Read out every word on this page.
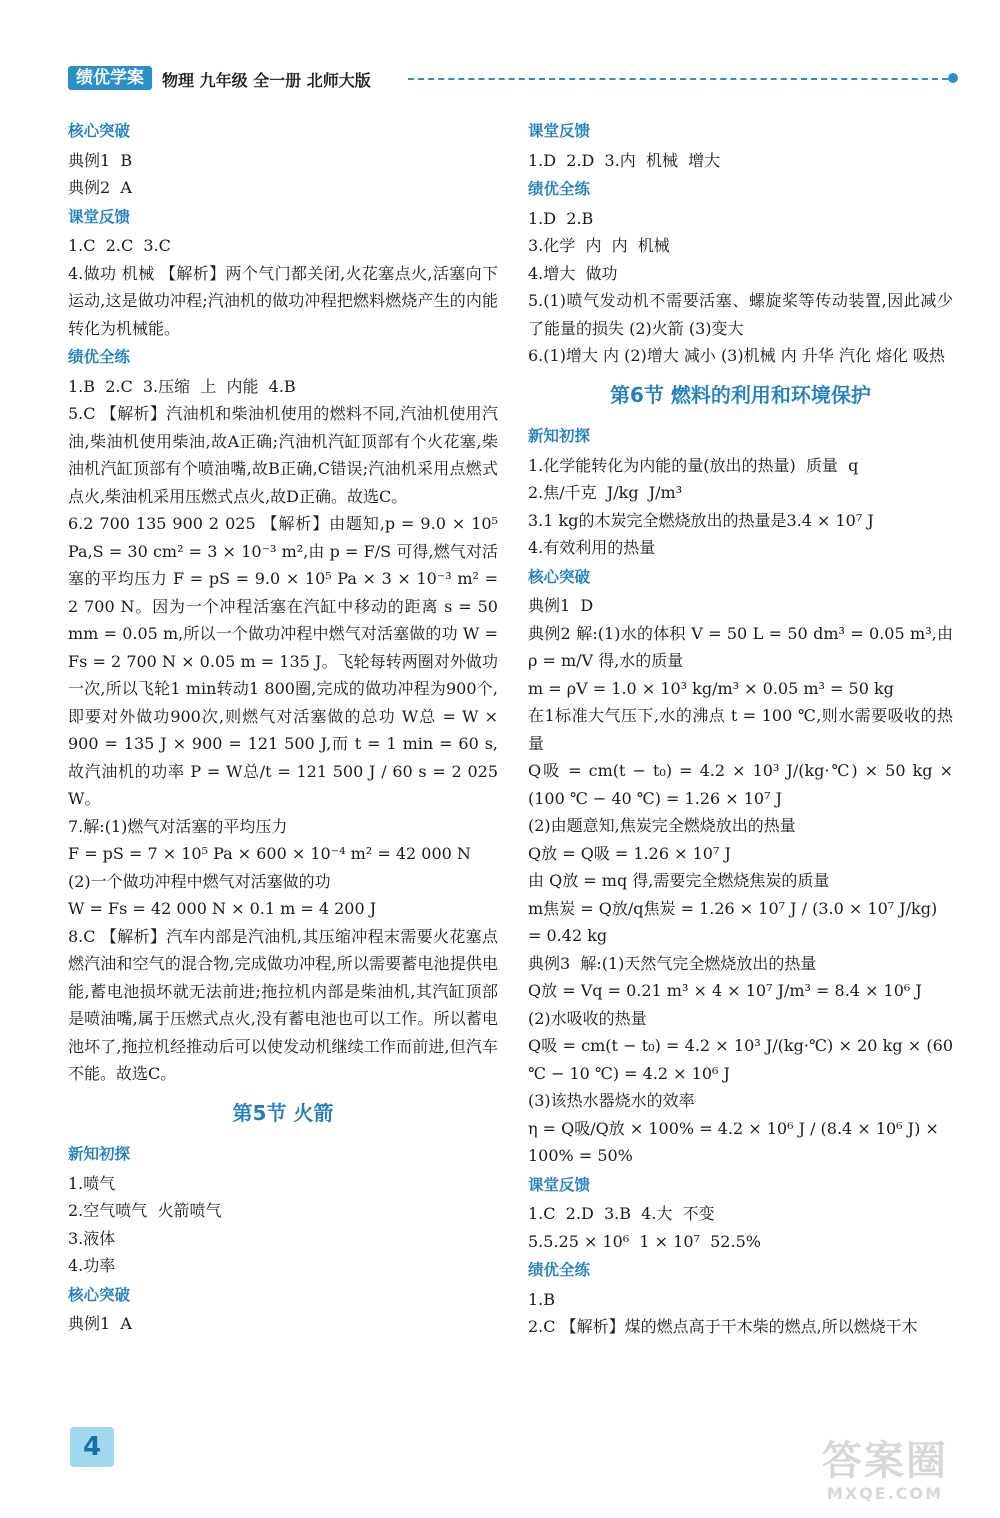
绩优学案	物理 九年级 全一册 北师大版
核心突破
典例1  B
典例2  A
课堂反馈
1.C  2.C  3.C
4.做功 机械 【解析】两个气门都关闭,火花塞点火,活塞向下运动,这是做功冲程;汽油机的做功冲程把燃料燃烧产生的内能转化为机械能。
绩优全练
1.B  2.C  3.压缩  上  内能  4.B
5.C 【解析】汽油机和柴油机使用的燃料不同,汽油机使用汽油,柴油机使用柴油,故A正确;汽油机汽缸顶部有个火花塞,柴油机汽缸顶部有个喷油嘴,故B正确,C错误;汽油机采用点燃式点火,柴油机采用压燃式点火,故D正确。故选C。
6.2 700 135 900 2 025 【解析】由题知,p = 9.0 × 10⁵ Pa,S = 30 cm² = 3 × 10⁻³ m²,由 p = F/S 可得,燃气对活塞的平均压力 F = pS = 9.0 × 10⁵ Pa × 3 × 10⁻³ m² = 2 700 N。因为一个冲程活塞在汽缸中移动的距离 s = 50 mm = 0.05 m,所以一个做功冲程中燃气对活塞做的功 W = Fs = 2 700 N × 0.05 m = 135 J。飞轮每转两圈对外做功一次,所以飞轮1 min转动1 800圈,完成的做功冲程为900个,即要对外做功900次,则燃气对活塞做的总功 W总 = W × 900 = 135 J × 900 = 121 500 J,而 t = 1 min = 60 s,故汽油机的功率 P = W总/t = 121 500 J / 60 s = 2 025 W。
7.解:(1)燃气对活塞的平均压力
F = pS = 7 × 10⁵ Pa × 600 × 10⁻⁴ m² = 42 000 N
(2)一个做功冲程中燃气对活塞做的功
W = Fs = 42 000 N × 0.1 m = 4 200 J
8.C 【解析】汽车内部是汽油机,其压缩冲程末需要火花塞点燃汽油和空气的混合物,完成做功冲程,所以需要蓄电池提供电能,蓄电池损坏就无法前进;拖拉机内部是柴油机,其汽缸顶部是喷油嘴,属于压燃式点火,没有蓄电池也可以工作。所以蓄电池坏了,拖拉机经推动后可以使发动机继续工作而前进,但汽车不能。故选C。
第5节 火箭
新知初探
1.喷气
2.空气喷气  火箭喷气
3.液体
4.功率
核心突破
典例1  A
课堂反馈
1.D  2.D  3.内  机械  增大
绩优全练
1.D  2.B
3.化学  内  内  机械
4.增大  做功
5.(1)喷气发动机不需要活塞、螺旋桨等传动装置,因此减少了能量的损失 (2)火箭 (3)变大
6.(1)增大 内 (2)增大 减小 (3)机械 内 升华 汽化 熔化 吸热
第6节 燃料的利用和环境保护
新知初探
1.化学能转化为内能的量(放出的热量)  质量  q
2.焦/千克  J/kg  J/m³
3.1 kg的木炭完全燃烧放出的热量是3.4 × 10⁷ J
4.有效利用的热量
核心突破
典例1  D
典例2 解:(1)水的体积 V = 50 L = 50 dm³ = 0.05 m³,由 ρ = m/V 得,水的质量
m = ρV = 1.0 × 10³ kg/m³ × 0.05 m³ = 50 kg
在1标准大气压下,水的沸点 t = 100 ℃,则水需要吸收的热量
Q吸 = cm(t − t₀) = 4.2 × 10³ J/(kg·℃) × 50 kg × (100 ℃ − 40 ℃) = 1.26 × 10⁷ J
(2)由题意知,焦炭完全燃烧放出的热量
Q放 = Q吸 = 1.26 × 10⁷ J
由 Q放 = mq 得,需要完全燃烧焦炭的质量
m焦炭 = Q放/q焦炭 = 1.26 × 10⁷ J / (3.0 × 10⁷ J/kg) = 0.42 kg
典例3  解:(1)天然气完全燃烧放出的热量
Q放 = Vq = 0.21 m³ × 4 × 10⁷ J/m³ = 8.4 × 10⁶ J
(2)水吸收的热量
Q吸 = cm(t − t₀) = 4.2 × 10³ J/(kg·℃) × 20 kg × (60 ℃ − 10 ℃) = 4.2 × 10⁶ J
(3)该热水器烧水的效率
η = Q吸/Q放 × 100% = 4.2 × 10⁶ J / (8.4 × 10⁶ J) × 100% = 50%
课堂反馈
1.C  2.D  3.B  4.大  不变
5.5.25 × 10⁶  1 × 10⁷  52.5%
绩优全练
1.B
2.C 【解析】煤的燃点高于干木柴的燃点,所以燃烧干木
4	答案圈
MXQE.COM
